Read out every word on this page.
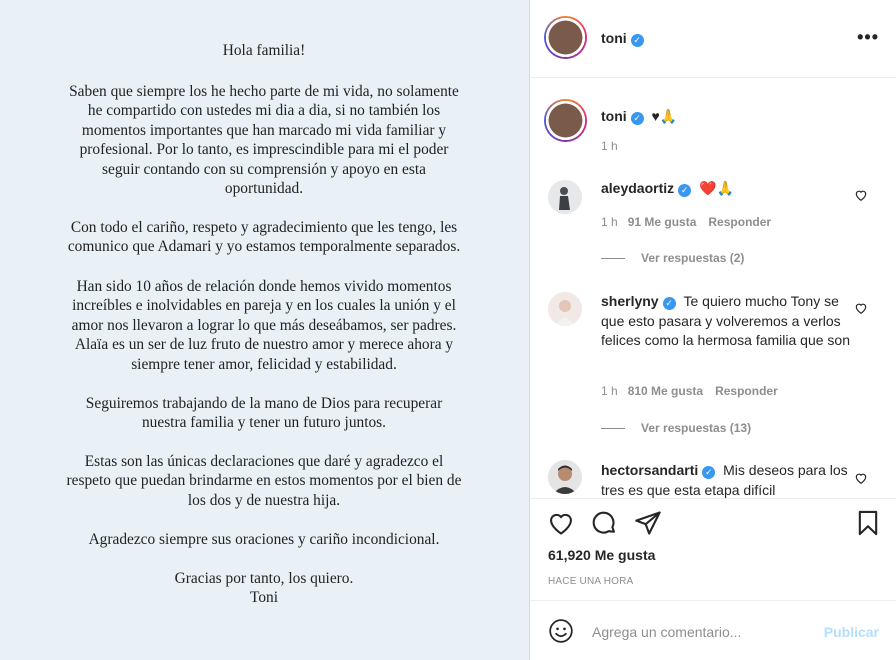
Hola familia!
Saben que siempre los he hecho parte de mi vida, no solamente
he compartido con ustedes mi dia a dia, si no también los
momentos importantes que han marcado mi vida familiar y
profesional. Por lo tanto, es imprescindible para mi el poder
seguir contando con su comprensión y apoyo en esta
oportunidad.
Con todo el cariño, respeto y agradecimiento que les tengo, les
comunico que Adamari y yo estamos temporalmente separados.
Han sido 10 años de relación donde hemos vivido momentos
increíbles e inolvidables en pareja y en los cuales la unión y el
amor nos llevaron a lograr lo que más deseábamos, ser padres.
Alaïa es un ser de luz fruto de nuestro amor y merece ahora y
siempre tener amor, felicidad y estabilidad.
Seguiremos trabajando de la mano de Dios para recuperar
nuestra familia y tener un futuro juntos.
Estas son las únicas declaraciones que daré y agradezco el
respeto que puedan brindarme en estos momentos por el bien de
los dos y de nuestra hija.
Agradezco siempre sus oraciones y cariño incondicional.
Gracias por tanto, los quiero.
Toni
toni ✓	•••
toni ✓ ♥🙏
1 h
aleydaortiz ✓ ❤️🙏
1 h 91 Me gusta Responder
Ver respuestas (2)
sherlyny ✓ Te quiero mucho Tony se que esto pasara y volveremos a verlos felices como la hermosa familia que son
1 h 810 Me gusta Responder
Ver respuestas (13)
hectorsandarti ✓ Mis deseos para los tres es que esta etapa difícil
61,920 Me gusta
HACE UNA HORA
Agrega un comentario...	Publicar
